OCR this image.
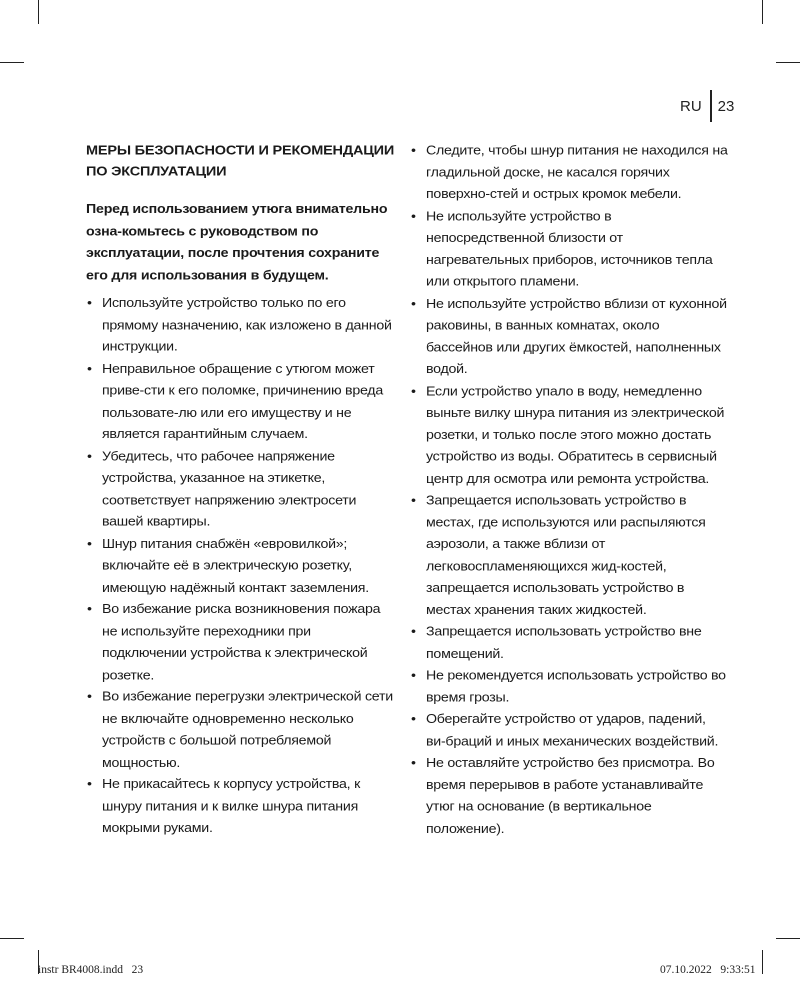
RU 23
МЕРЫ БЕЗОПАСНОСТИ И РЕКОМЕНДАЦИИ ПО ЭКСПЛУАТАЦИИ
Перед использованием утюга внимательно озна-комьтесь с руководством по эксплуатации, после прочтения сохраните его для использования в будущем.
• Используйте устройство только по его прямому назначению, как изложено в данной инструкции.
• Неправильное обращение с утюгом может приве-сти к его поломке, причинению вреда пользовате-лю или его имуществу и не является гарантийным случаем.
• Убедитесь, что рабочее напряжение устройства, указанное на этикетке, соответствует напряжению электросети вашей квартиры.
• Шнур питания снабжён «евровилкой»; включайте её в электрическую розетку, имеющую надёжный контакт заземления.
• Во избежание риска возникновения пожара не используйте переходники при подключении устройства к электрической розетке.
• Во избежание перегрузки электрической сети не включайте одновременно несколько устройств с большой потребляемой мощностью.
• Не прикасайтесь к корпусу устройства, к шнуру питания и к вилке шнура питания мокрыми руками.
• Следите, чтобы шнур питания не находился на гладильной доске, не касался горячих поверхно-стей и острых кромок мебели.
• Не используйте устройство в непосредственной близости от нагревательных приборов, источников тепла или открытого пламени.
• Не используйте устройство вблизи от кухонной раковины, в ванных комнатах, около бассейнов или других ёмкостей, наполненных водой.
• Если устройство упало в воду, немедленно выньте вилку шнура питания из электрической розетки, и только после этого можно достать устройство из воды. Обратитесь в сервисный центр для осмотра или ремонта устройства.
• Запрещается использовать устройство в местах, где используются или распыляются аэрозоли, а также вблизи от легковоспламеняющихся жид-костей, запрещается использовать устройство в местах хранения таких жидкостей.
• Запрещается использовать устройство вне помещений.
• Не рекомендуется использовать устройство во время грозы.
• Оберегайте устройство от ударов, падений, ви-браций и иных механических воздействий.
• Не оставляйте устройство без присмотра. Во время перерывов в работе устанавливайте утюг на основание (в вертикальное положение).
instr BR4008.indd   23	07.10.2022   9:33:51
